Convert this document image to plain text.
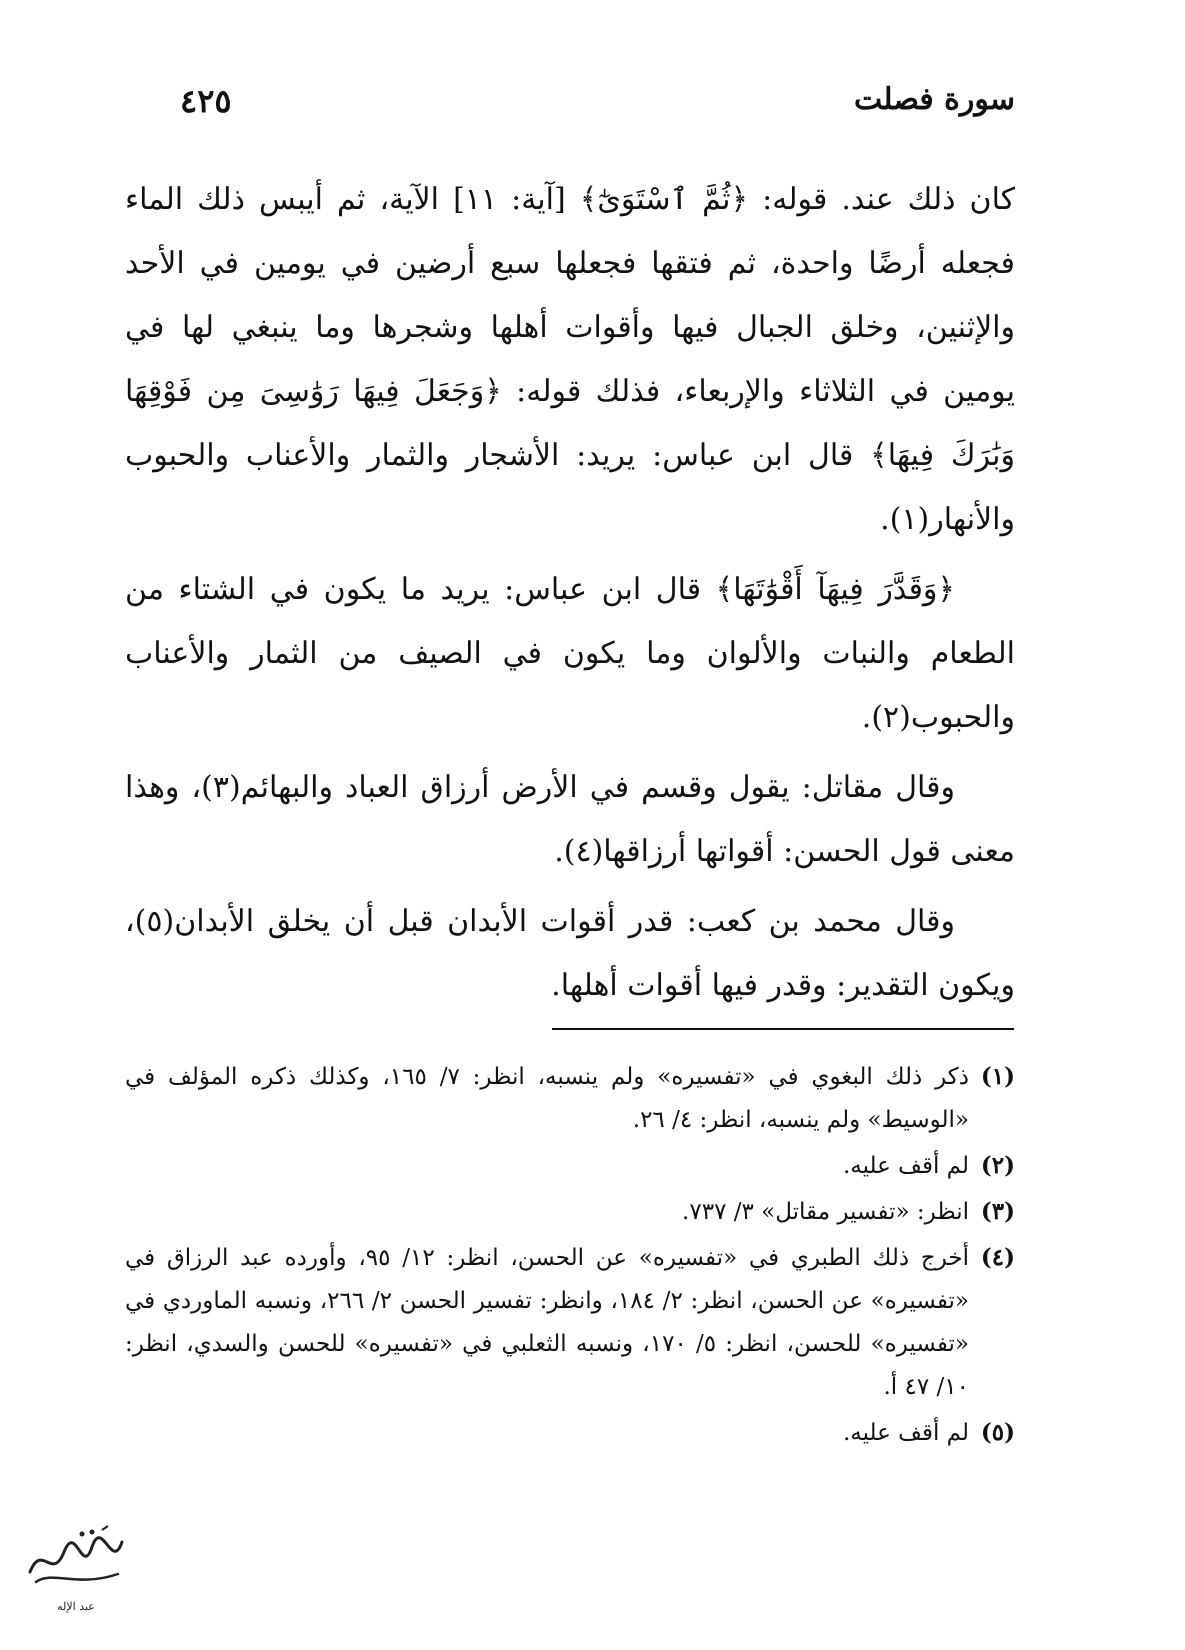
سورة فصلت
٤٢٥

كان ذلك عند. قوله: ﴿ثُمَّ ٱسْتَوَىٰٓ﴾ [آية: ١١] الآية، ثم أيبس ذلك الماء فجعله أرضًا واحدة، ثم فتقها فجعلها سبع أرضين في يومين في الأحد والإثنين، وخلق الجبال فيها وأقوات أهلها وشجرها وما ينبغي لها في يومين في الثلاثاء والإربعاء، فذلك قوله: ﴿وَجَعَلَ فِيهَا رَوَٰسِىَ مِن فَوْقِهَا وَبَٰرَكَ فِيهَا﴾ قال ابن عباس: يريد: الأشجار والثمار والأعناب والحبوب والأنهار(١).

﴿وَقَدَّرَ فِيهَآ أَقْوَٰتَهَا﴾ قال ابن عباس: يريد ما يكون في الشتاء من الطعام والنبات والألوان وما يكون في الصيف من الثمار والأعناب والحبوب(٢).

وقال مقاتل: يقول وقسم في الأرض أرزاق العباد والبهائم(٣)، وهذا معنى قول الحسن: أقواتها أرزاقها(٤).

وقال محمد بن كعب: قدر أقوات الأبدان قبل أن يخلق الأبدان(٥)، ويكون التقدير: وقدر فيها أقوات أهلها.

(١)ذكر ذلك البغوي في «تفسيره» ولم ينسبه، انظر: ٧/ ١٦٥، وكذلك ذكره المؤلف في «الوسيط» ولم ينسبه، انظر: ٤/ ٢٦.
(٢)لم أقف عليه.
(٣)انظر: «تفسير مقاتل» ٣/ ٧٣٧.
(٤)أخرج ذلك الطبري في «تفسيره» عن الحسن، انظر: ١٢/ ٩٥، وأورده عبد الرزاق في «تفسيره» عن الحسن، انظر: ٢/ ١٨٤، وانظر: تفسير الحسن ٢/ ٢٦٦، ونسبه الماوردي في «تفسيره» للحسن، انظر: ٥/ ١٧٠، ونسبه الثعلبي في «تفسيره» للحسن والسدي، انظر: ١٠/ ٤٧ أ.
(٥)لم أقف عليه.
عبد الإله
